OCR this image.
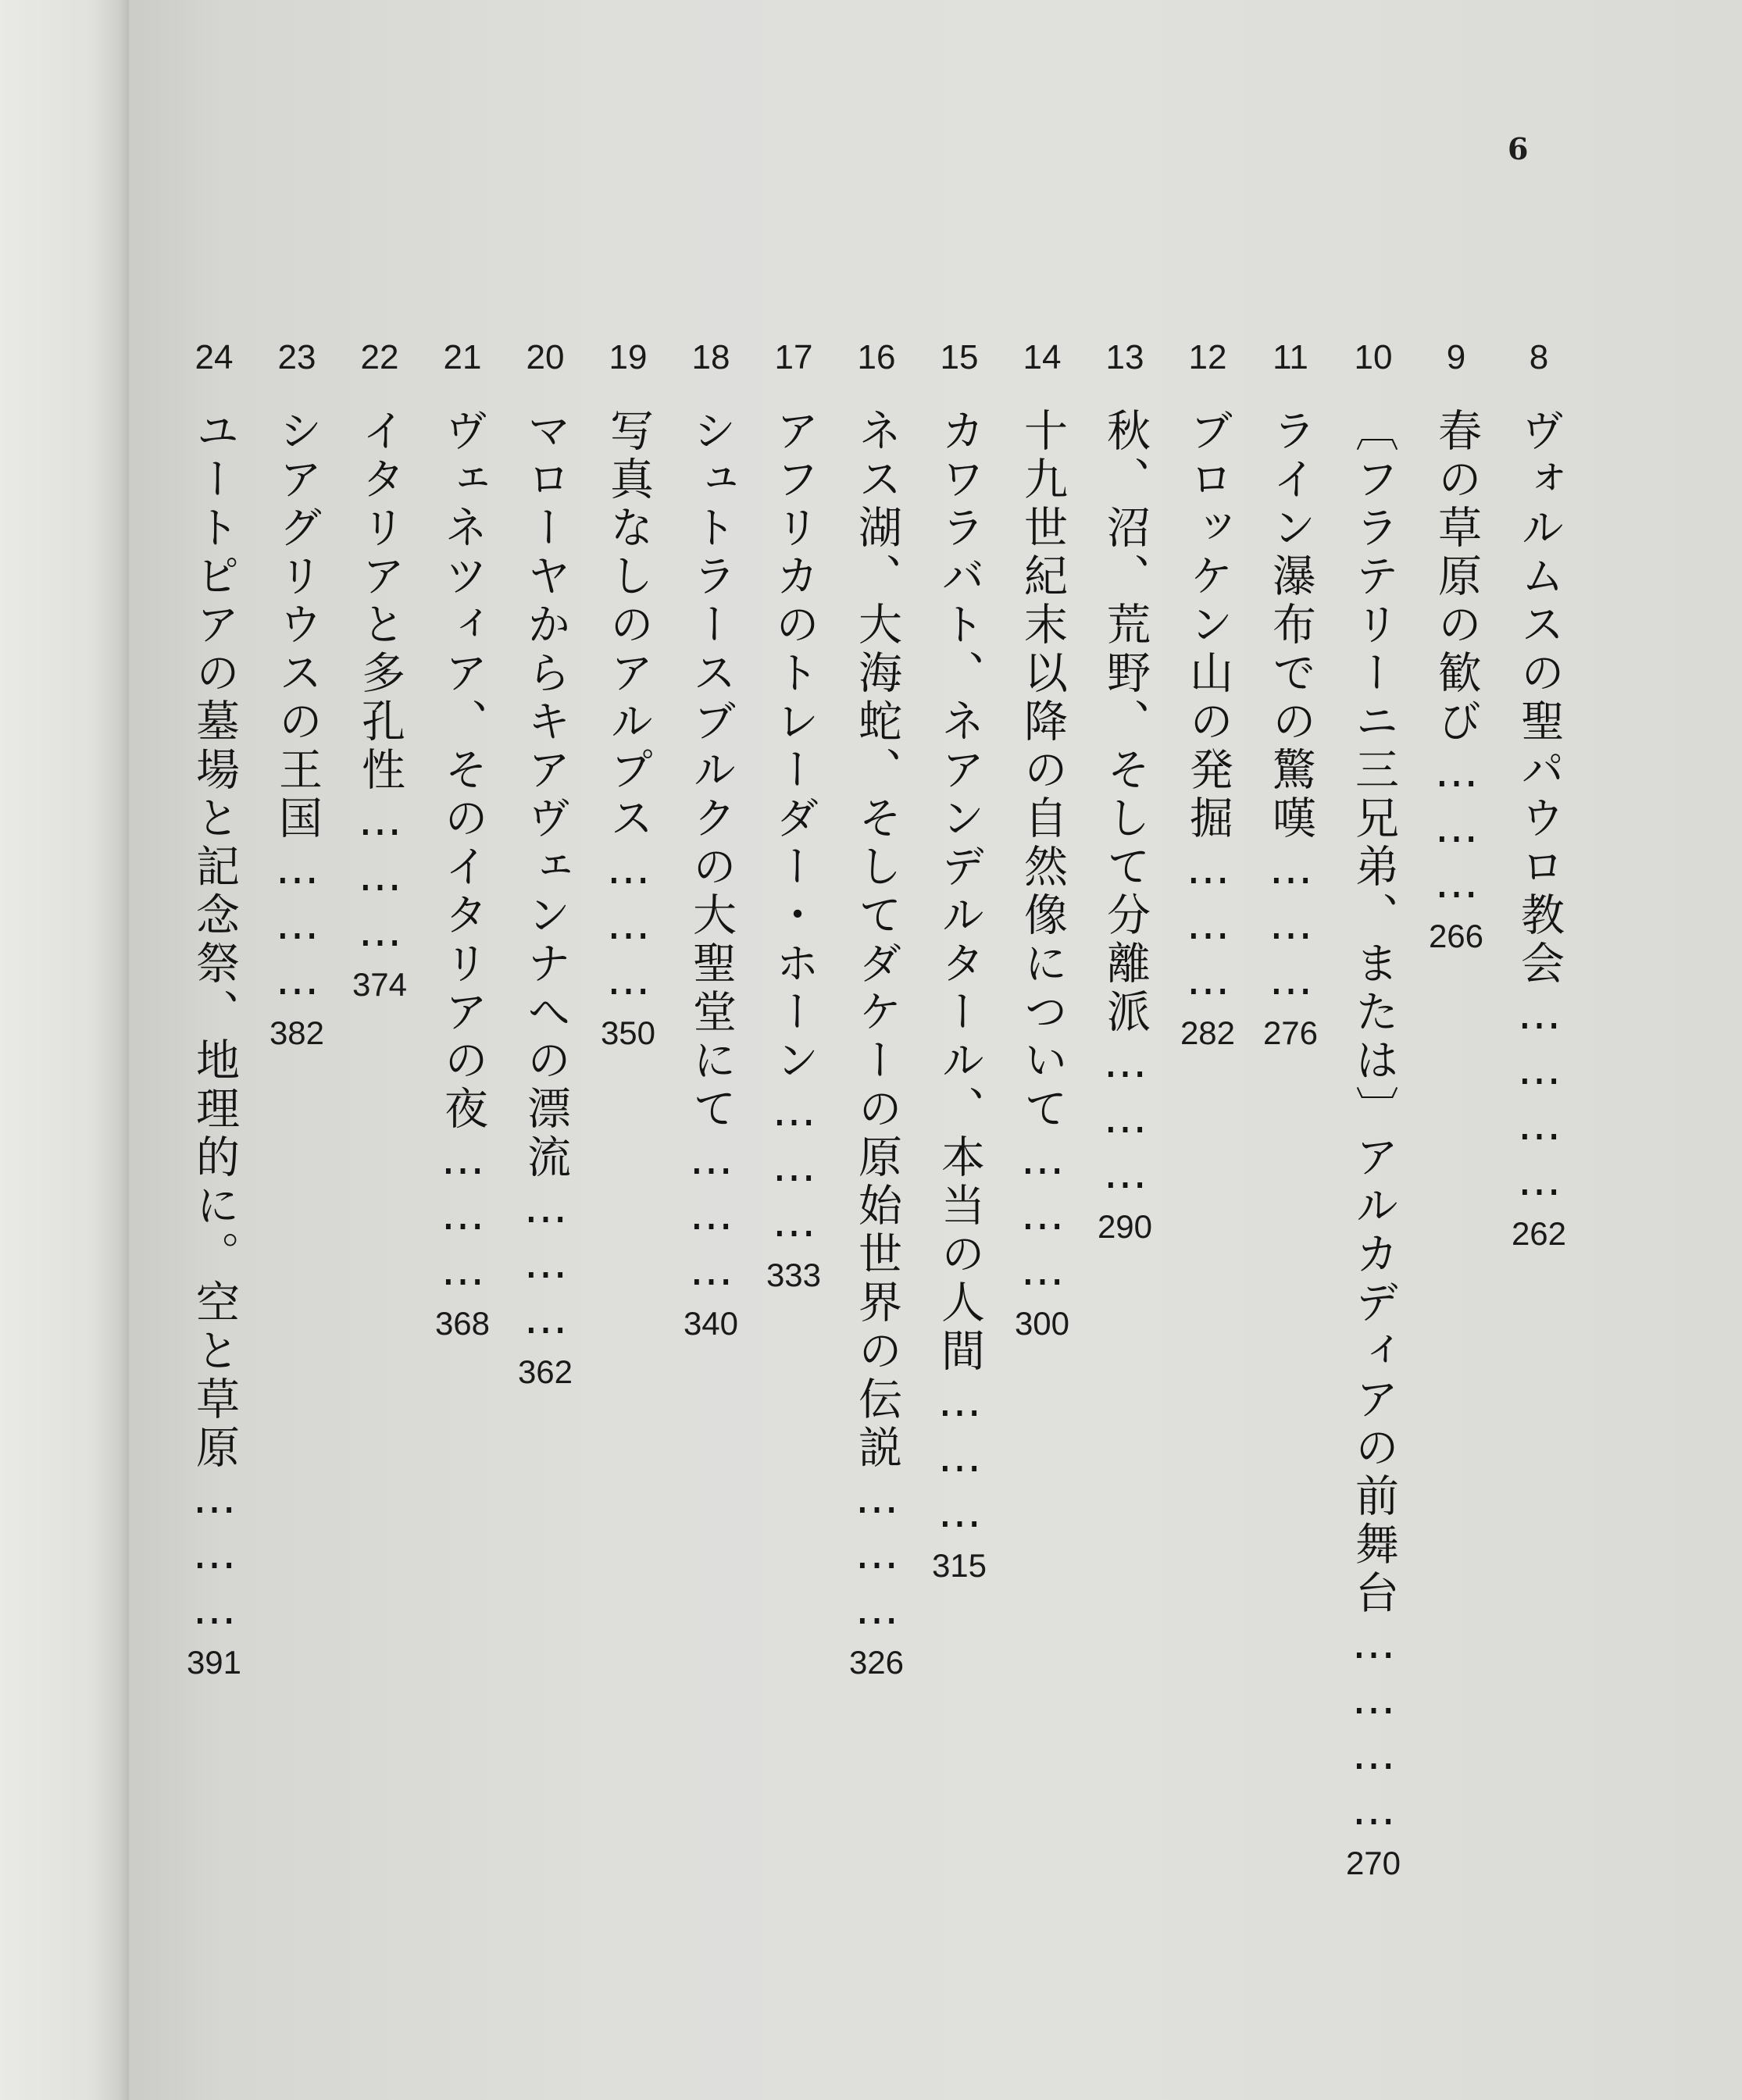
6
8
ヴォルムスの聖パウロ教会…………
262
9
春の草原の歓び………
266
10
〔フラテリーニ三兄弟、または〕アルカディアの前舞台…………
270
11
ライン瀑布での驚嘆………
276
12
ブロッケン山の発掘………
282
13
秋、沼、荒野、そして分離派………
290
14
十九世紀末以降の自然像について………
300
15
カワラバト、ネアンデルタール、本当の人間………
315
16
ネス湖、大海蛇、そしてダケーの原始世界の伝説………
326
17
アフリカのトレーダー・ホーン………
333
18
シュトラースブルクの大聖堂にて………
340
19
写真なしのアルプス………
350
20
マローヤからキアヴェンナへの漂流………
362
21
ヴェネツィア、そのイタリアの夜………
368
22
イタリアと多孔性………
374
23
シアグリウスの王国………
382
24
ユートピアの墓場と記念祭、地理的に。空と草原………
391
